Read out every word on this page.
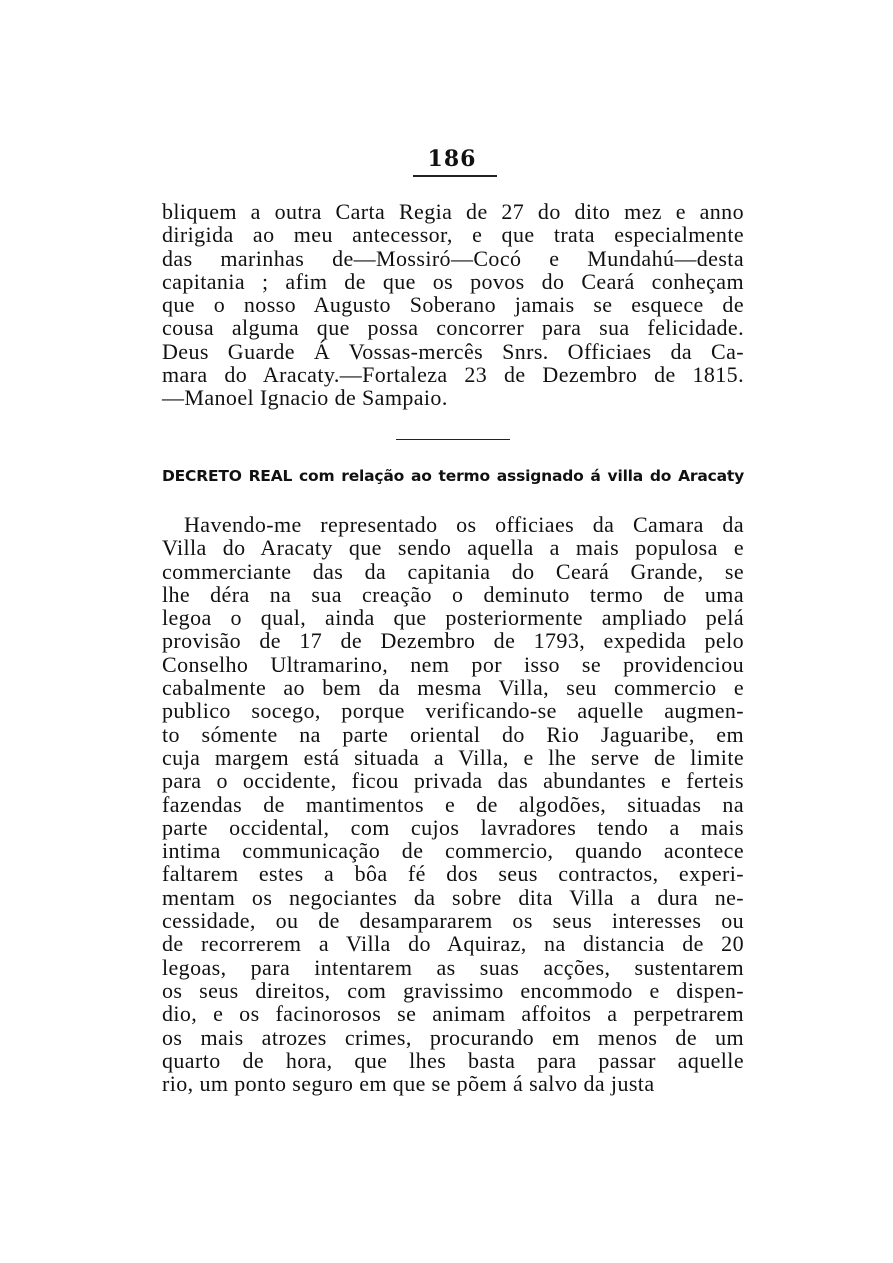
186
bliquem a outra Carta Regia de 27 do dito mez e anno
dirigida ao meu antecessor, e que trata especialmente
das marinhas de—Mossiró—Cocó e Mundahú—desta
capitania ; afim de que os povos do Ceará conheçam
que o nosso Augusto Soberano jamais se esquece de
cousa alguma que possa concorrer para sua felicidade.
Deus Guarde Á Vossas-mercês Snrs. Officiaes da Ca-
mara do Aracaty.—Fortaleza 23 de Dezembro de 1815.
—Manoel Ignacio de Sampaio.
DECRETO REAL com relação ao termo assignado á villa do Aracaty
Havendo-me representado os officiaes da Camara da
Villa do Aracaty que sendo aquella a mais populosa e
commerciante das da capitania do Ceará Grande, se
lhe déra na sua creação o deminuto termo de uma
legoa o qual, ainda que posteriormente ampliado pelá
provisão de 17 de Dezembro de 1793, expedida pelo
Conselho Ultramarino, nem por isso se providenciou
cabalmente ao bem da mesma Villa, seu commercio e
publico socego, porque verificando-se aquelle augmen-
to sómente na parte oriental do Rio Jaguaribe, em
cuja margem está situada a Villa, e lhe serve de limite
para o occidente, ficou privada das abundantes e ferteis
fazendas de mantimentos e de algodões, situadas na
parte occidental, com cujos lavradores tendo a mais
intima communicação de commercio, quando acontece
faltarem estes a bôa fé dos seus contractos, experi-
mentam os negociantes da sobre dita Villa a dura ne-
cessidade, ou de desampararem os seus interesses ou
de recorrerem a Villa do Aquiraz, na distancia de 20
legoas, para intentarem as suas acções, sustentarem
os seus direitos, com gravissimo encommodo e dispen-
dio, e os facinorosos se animam affoitos a perpetrarem
os mais atrozes crimes, procurando em menos de um
quarto de hora, que lhes basta para passar aquelle
rio, um ponto seguro em que se põem á salvo da justa
